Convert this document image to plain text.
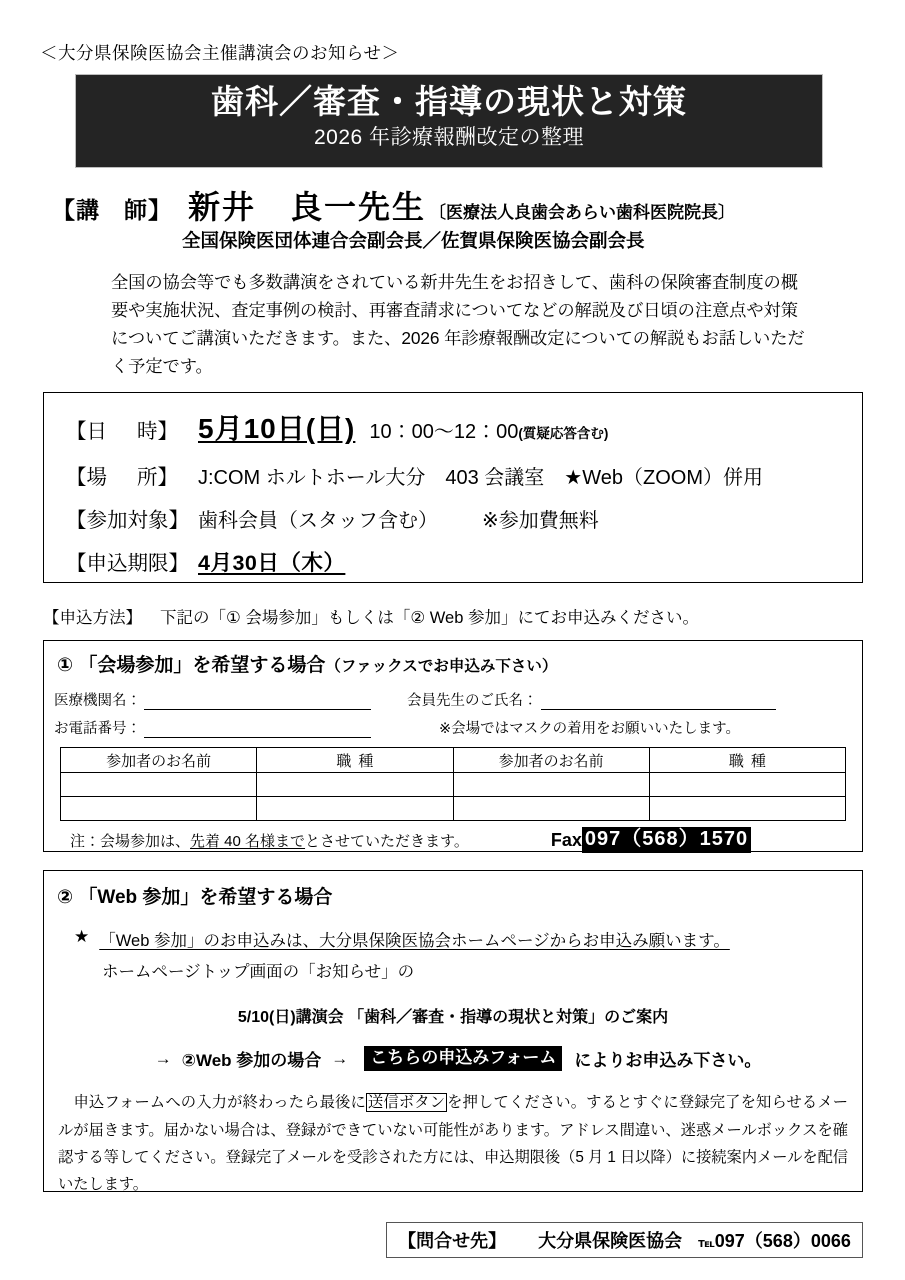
＜大分県保険医協会主催講演会のお知らせ＞
歯科／審査・指導の現状と対策
2026 年診療報酬改定の整理
【講　師】 新井　良一先生 〔医療法人良歯会あらい歯科医院院長〕
全国保険医団体連合会副会長／佐賀県保険医協会副会長
全国の協会等でも多数講演をされている新井先生をお招きして、歯科の保険審査制度の概要や実施状況、査定事例の検討、再審査請求についてなどの解説及び日頃の注意点や対策についてご講演いただきます。また、2026 年診療報酬改定についての解説もお話しいただく予定です。
【日 時】 5月10日(日) 10：00～12：00(質疑応答含む)
【場 所】	J:COM ホルトホール大分　403 会議室　★Web（ZOOM）併用
【参加対象】 歯科会員（スタッフ含む） ※参加費無料
【申込期限】 4月30日（木）
【申込方法】 下記の「① 会場参加」もしくは「② Web 参加」にてお申込みください。
① 「会場参加」を希望する場合（ファックスでお申込み下さい）
医療機関名：	会員先生のご氏名：
お電話番号：	※会場ではマスクの着用をお願いいたします。
参加者のお名前	職 種	参加者のお名前	職 種

注：会場参加は、先着 40 名様までとさせていただきます。	Fax 097（568）1570
② 「Web 参加」を希望する場合
★ 「Web 参加」のお申込みは、大分県保険医協会ホームページからお申込み願います。
ホームページトップ画面の「お知らせ」の
5/10(日)講演会 「歯科／審査・指導の現状と対策」のご案内
→ ②Web 参加の場合 →	こちらの申込みフォーム	によりお申込み下さい。
　申込フォームへの入力が終わったら最後に 送信ボタン を押してください。するとすぐに登録完了を知らせるメールが届きます。届かない場合は、登録ができていない可能性があります。アドレス間違い、迷惑メールボックスを確認する等してください。登録完了メールを受診された方には、申込期限後（5 月 1 日以降）に接続案内メールを配信いたします。
【問合せ先】 大分県保険医協会 ℡097（568）0066
